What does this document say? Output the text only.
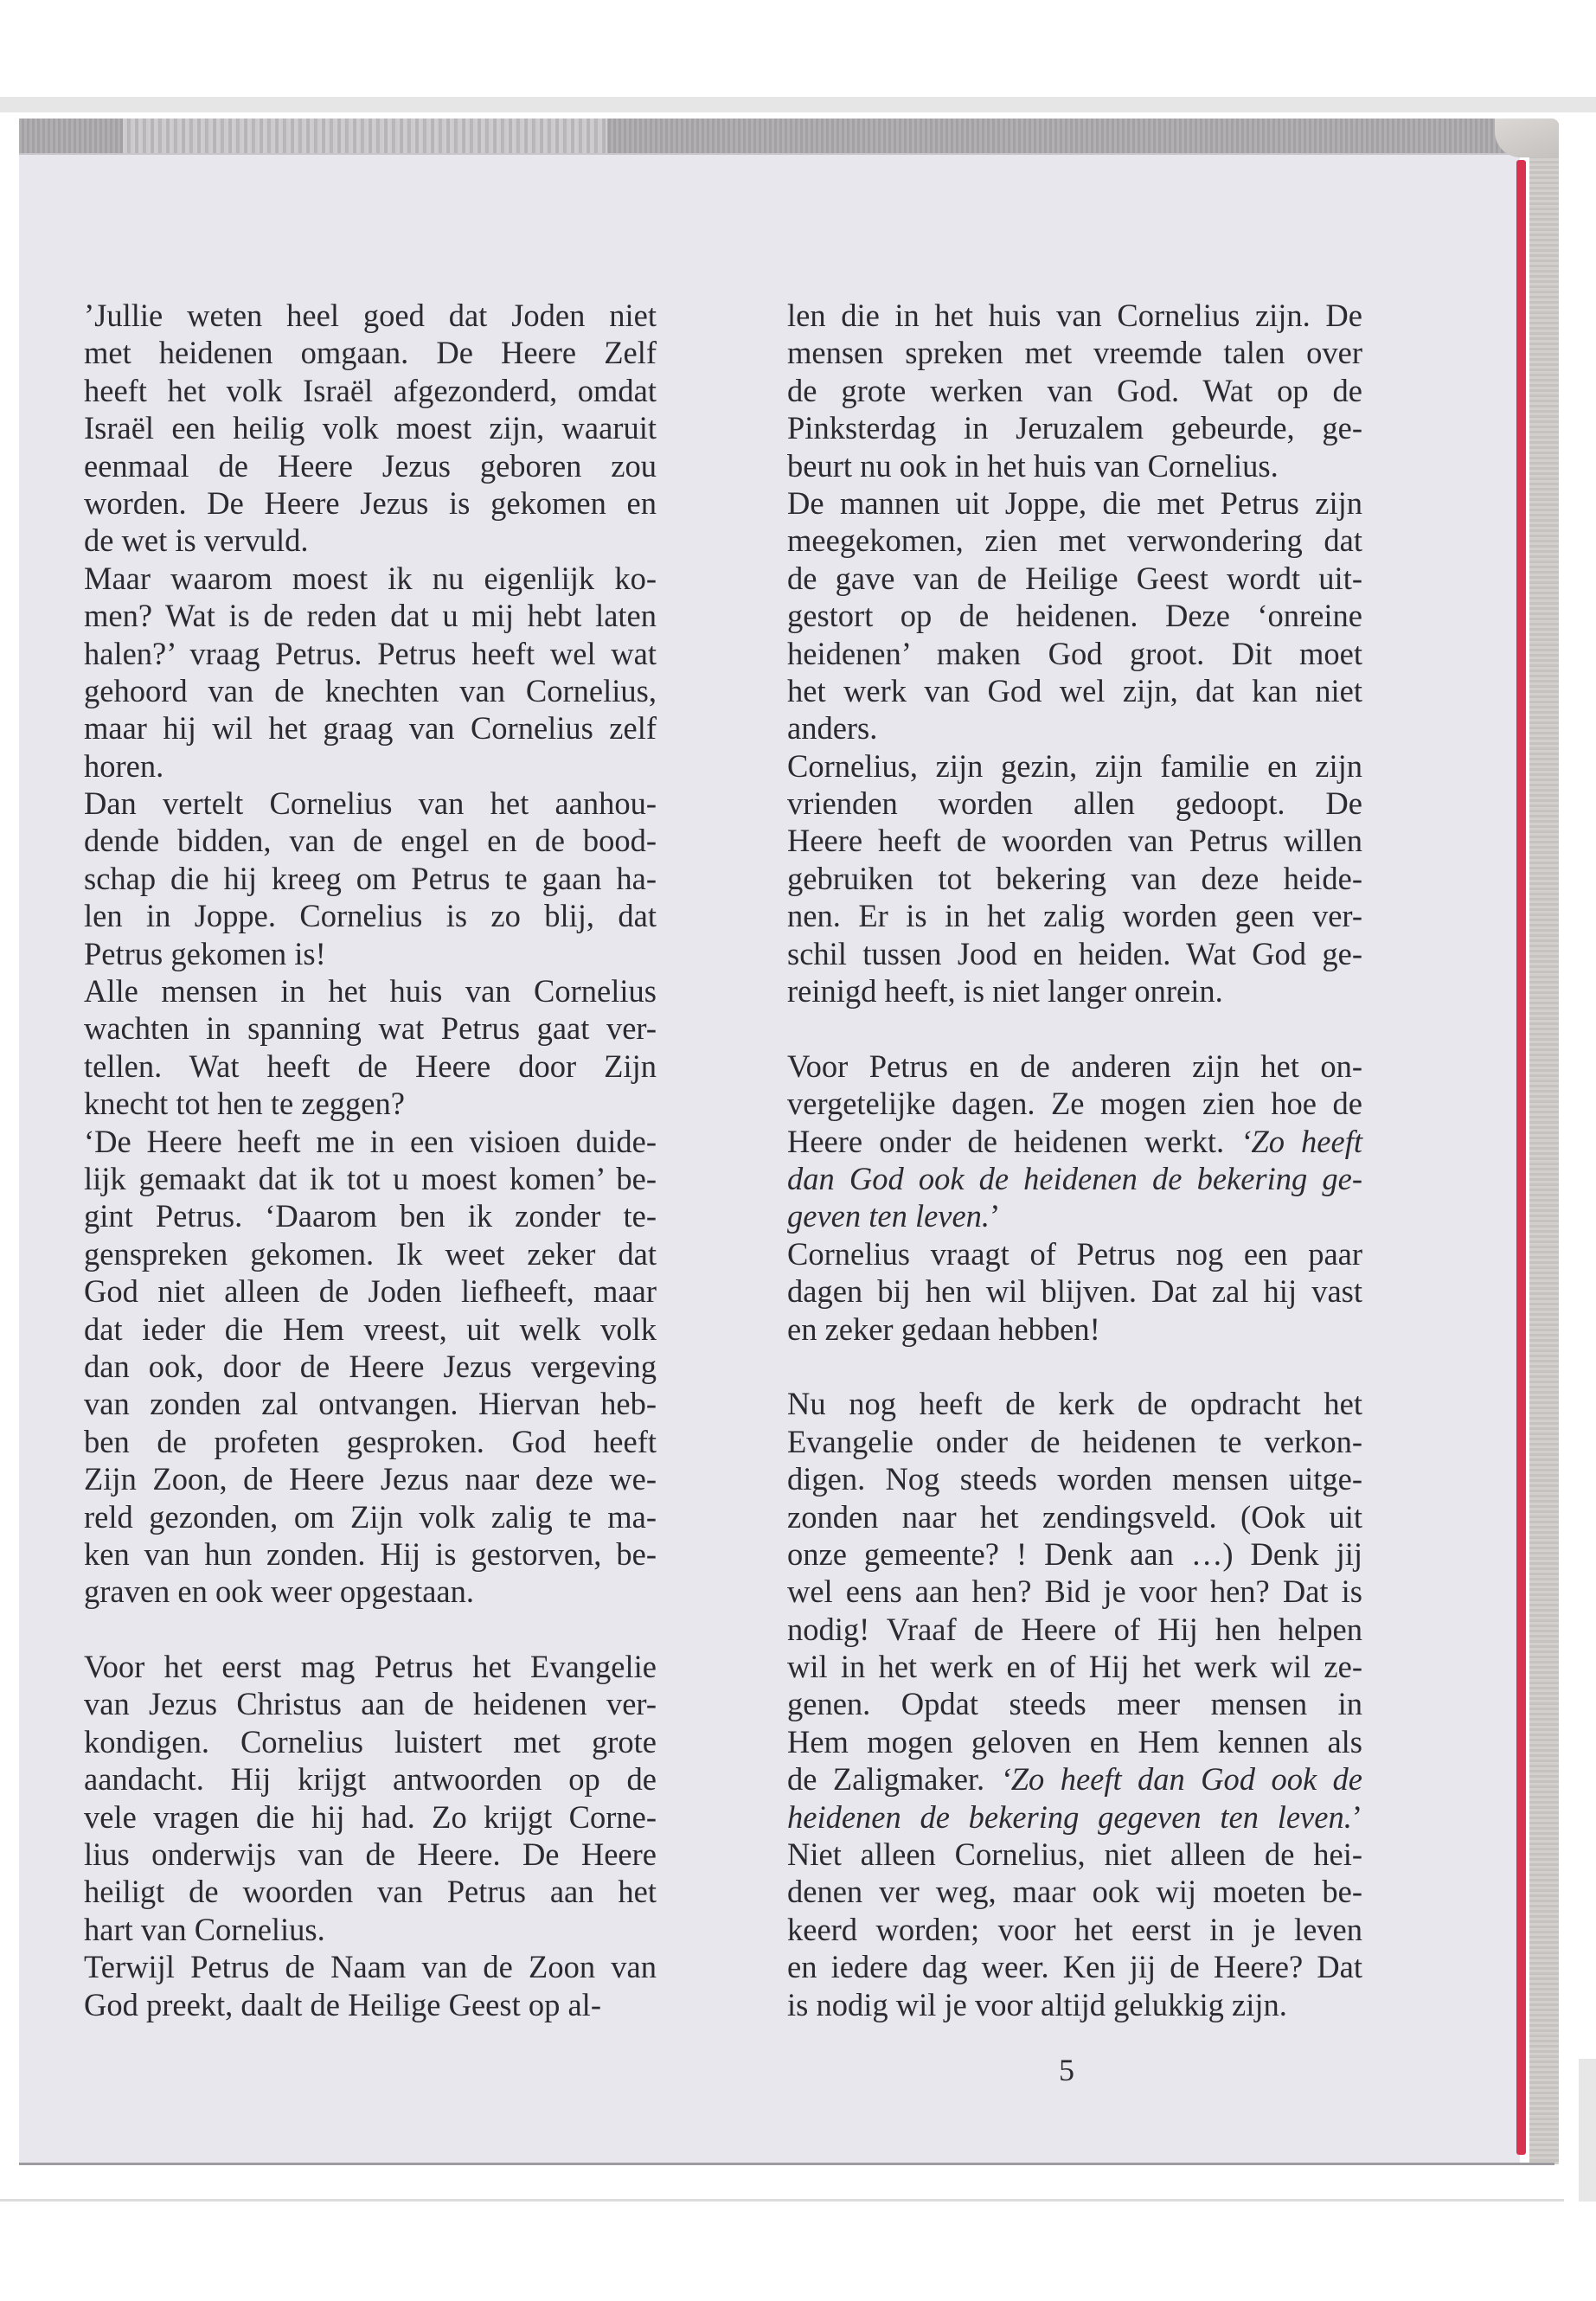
’Jullie weten heel goed dat Joden niet
met heidenen omgaan. De Heere Zelf
heeft het volk Israël afgezonderd, omdat
Israël een heilig volk moest zijn, waaruit
eenmaal de Heere Jezus geboren zou
worden. De Heere Jezus is gekomen en
de wet is vervuld.
Maar waarom moest ik nu eigenlijk ko-
men? Wat is de reden dat u mij hebt laten
halen?’ vraag Petrus. Petrus heeft wel wat
gehoord van de knechten van Cornelius,
maar hij wil het graag van Cornelius zelf
horen.
Dan vertelt Cornelius van het aanhou-
dende bidden, van de engel en de bood-
schap die hij kreeg om Petrus te gaan ha-
len in Joppe. Cornelius is zo blij, dat
Petrus gekomen is!
Alle mensen in het huis van Cornelius
wachten in spanning wat Petrus gaat ver-
tellen. Wat heeft de Heere door Zijn
knecht tot hen te zeggen?
‘De Heere heeft me in een visioen duide-
lijk gemaakt dat ik tot u moest komen’ be-
gint Petrus. ‘Daarom ben ik zonder te-
genspreken gekomen. Ik weet zeker dat
God niet alleen de Joden liefheeft, maar
dat ieder die Hem vreest, uit welk volk
dan ook, door de Heere Jezus vergeving
van zonden zal ontvangen. Hiervan heb-
ben de profeten gesproken. God heeft
Zijn Zoon, de Heere Jezus naar deze we-
reld gezonden, om Zijn volk zalig te ma-
ken van hun zonden. Hij is gestorven, be-
graven en ook weer opgestaan.
Voor het eerst mag Petrus het Evangelie
van Jezus Christus aan de heidenen ver-
kondigen. Cornelius luistert met grote
aandacht. Hij krijgt antwoorden op de
vele vragen die hij had. Zo krijgt Corne-
lius onderwijs van de Heere. De Heere
heiligt de woorden van Petrus aan het
hart van Cornelius.
Terwijl Petrus de Naam van de Zoon van
God preekt, daalt de Heilige Geest op al-
len die in het huis van Cornelius zijn. De
mensen spreken met vreemde talen over
de grote werken van God. Wat op de
Pinksterdag in Jeruzalem gebeurde, ge-
beurt nu ook in het huis van Cornelius.
De mannen uit Joppe, die met Petrus zijn
meegekomen, zien met verwondering dat
de gave van de Heilige Geest wordt uit-
gestort op de heidenen. Deze ‘onreine
heidenen’ maken God groot. Dit moet
het werk van God wel zijn, dat kan niet
anders.
Cornelius, zijn gezin, zijn familie en zijn
vrienden worden allen gedoopt. De
Heere heeft de woorden van Petrus willen
gebruiken tot bekering van deze heide-
nen. Er is in het zalig worden geen ver-
schil tussen Jood en heiden. Wat God ge-
reinigd heeft, is niet langer onrein.
Voor Petrus en de anderen zijn het on-
vergetelijke dagen. Ze mogen zien hoe de
Heere onder de heidenen werkt. ‘Zo heeft
dan God ook de heidenen de bekering ge-
geven ten leven.’
Cornelius vraagt of Petrus nog een paar
dagen bij hen wil blijven. Dat zal hij vast
en zeker gedaan hebben!
Nu nog heeft de kerk de opdracht het
Evangelie onder de heidenen te verkon-
digen. Nog steeds worden mensen uitge-
zonden naar het zendingsveld. (Ook uit
onze gemeente? ! Denk aan …) Denk jij
wel eens aan hen? Bid je voor hen? Dat is
nodig! Vraaf de Heere of Hij hen helpen
wil in het werk en of Hij het werk wil ze-
genen. Opdat steeds meer mensen in
Hem mogen geloven en Hem kennen als
de Zaligmaker. ‘Zo heeft dan God ook de
heidenen de bekering gegeven ten leven.’
Niet alleen Cornelius, niet alleen de hei-
denen ver weg, maar ook wij moeten be-
keerd worden; voor het eerst in je leven
en iedere dag weer. Ken jij de Heere? Dat
is nodig wil je voor altijd gelukkig zijn.
5
